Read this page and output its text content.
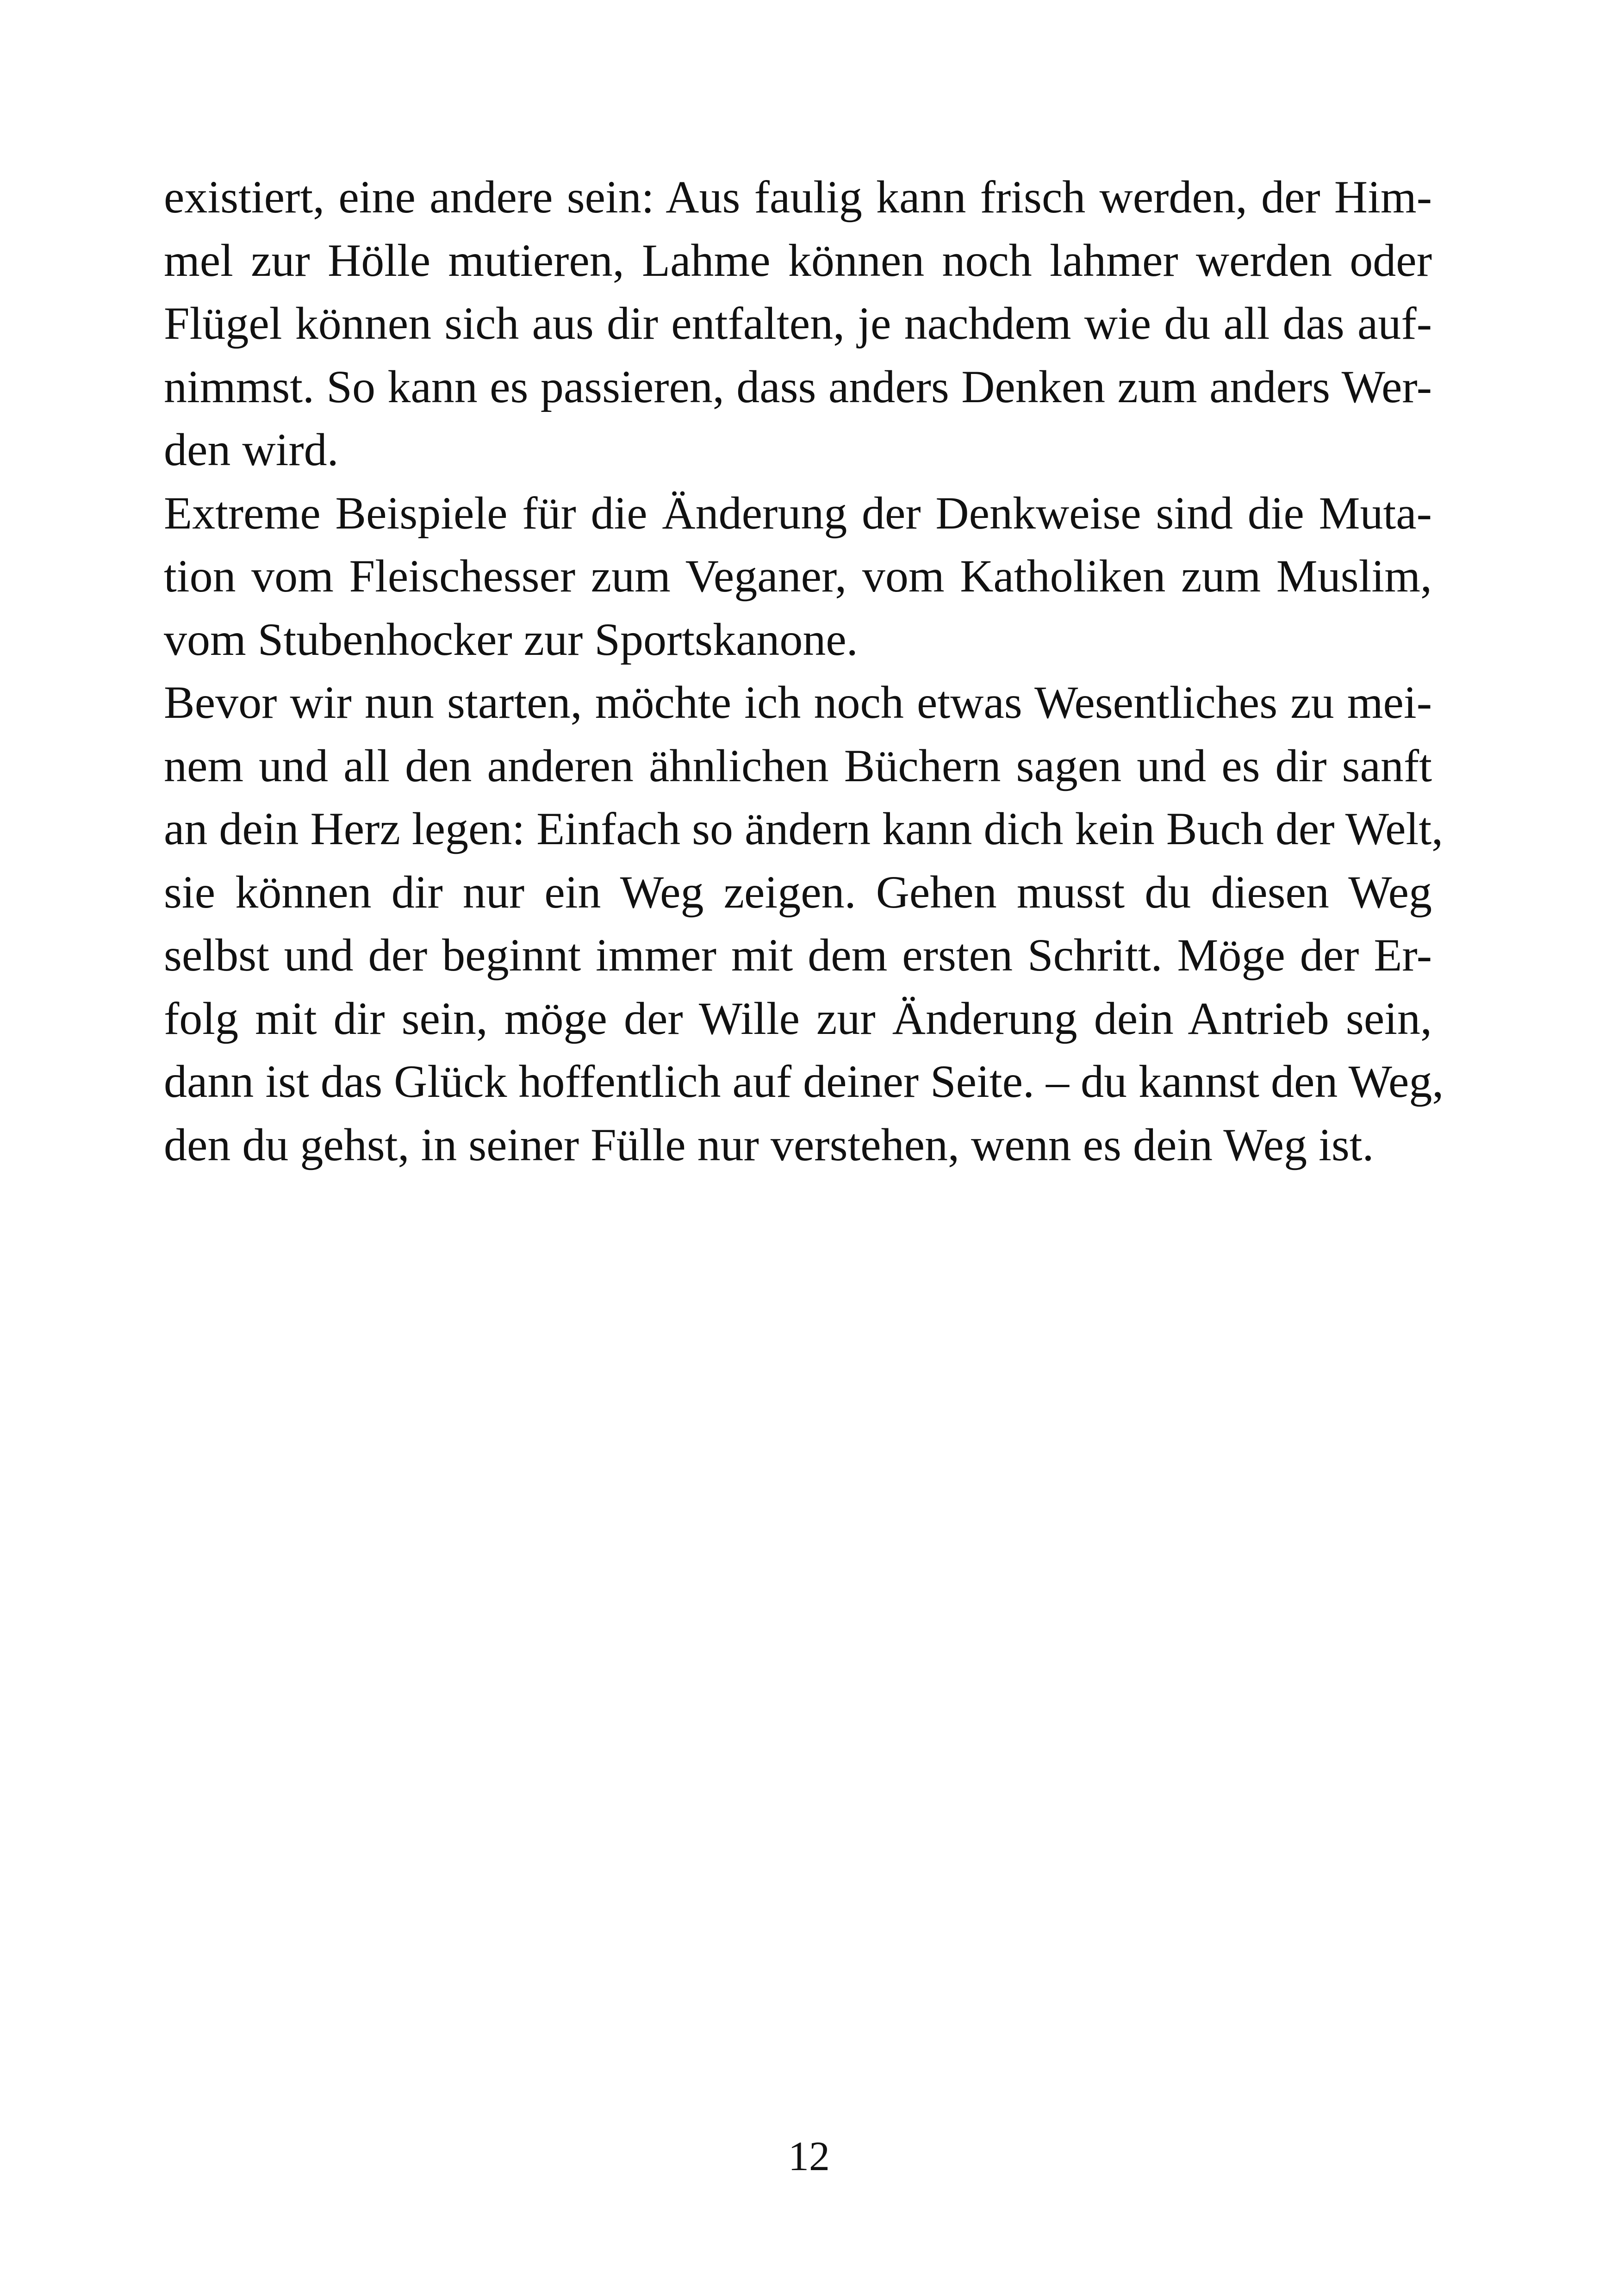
existiert, eine andere sein: Aus faulig kann frisch werden, der Him-
mel zur Hölle mutieren, Lahme können noch lahmer werden oder
Flügel können sich aus dir entfalten, je nachdem wie du all das auf-
nimmst. So kann es passieren, dass anders Denken zum anders Wer-
den wird.

Extreme Beispiele für die Änderung der Denkweise sind die Muta-
tion vom Fleischesser zum Veganer, vom Katholiken zum Muslim,
vom Stubenhocker zur Sportskanone.

Bevor wir nun starten, möchte ich noch etwas Wesentliches zu mei-
nem und all den anderen ähnlichen Büchern sagen und es dir sanft
an dein Herz legen: Einfach so ändern kann dich kein Buch der Welt,
sie können dir nur ein Weg zeigen. Gehen musst du diesen Weg
selbst und der beginnt immer mit dem ersten Schritt. Möge der Er-
folg mit dir sein, möge der Wille zur Änderung dein Antrieb sein,
dann ist das Glück hoffentlich auf deiner Seite. – du kannst den Weg,
den du gehst, in seiner Fülle nur verstehen, wenn es dein Weg ist.

12
